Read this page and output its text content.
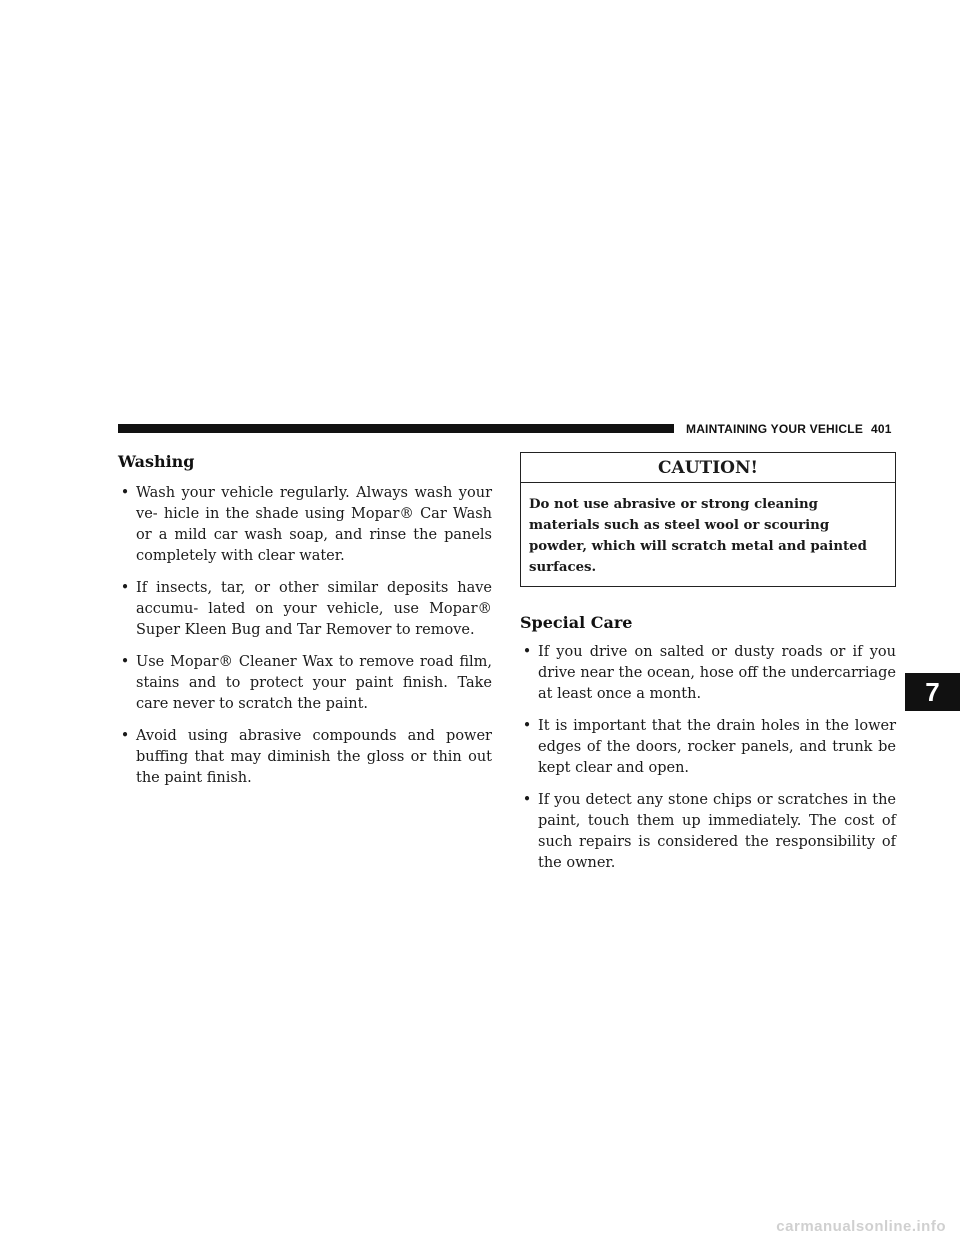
MAINTAINING YOUR VEHICLE 401
Washing
• Wash your vehicle regularly. Always wash your ve- hicle in the shade using Mopar® Car Wash or a mild car wash soap, and rinse the panels completely with clear water.
• If insects, tar, or other similar deposits have accumu- lated on your vehicle, use Mopar® Super Kleen Bug and Tar Remover to remove.
• Use Mopar® Cleaner Wax to remove road film, stains and to protect your paint finish. Take care never to scratch the paint.
• Avoid using abrasive compounds and power buffing that may diminish the gloss or thin out the paint finish.
CAUTION!
Do not use abrasive or strong cleaning materials such as steel wool or scouring powder, which will scratch metal and painted surfaces.
Special Care
• If you drive on salted or dusty roads or if you drive near the ocean, hose off the undercarriage at least once a month.
• It is important that the drain holes in the lower edges of the doors, rocker panels, and trunk be kept clear and open.
• If you detect any stone chips or scratches in the paint, touch them up immediately. The cost of such repairs is considered the responsibility of the owner.
7
carmanualsonline.info
